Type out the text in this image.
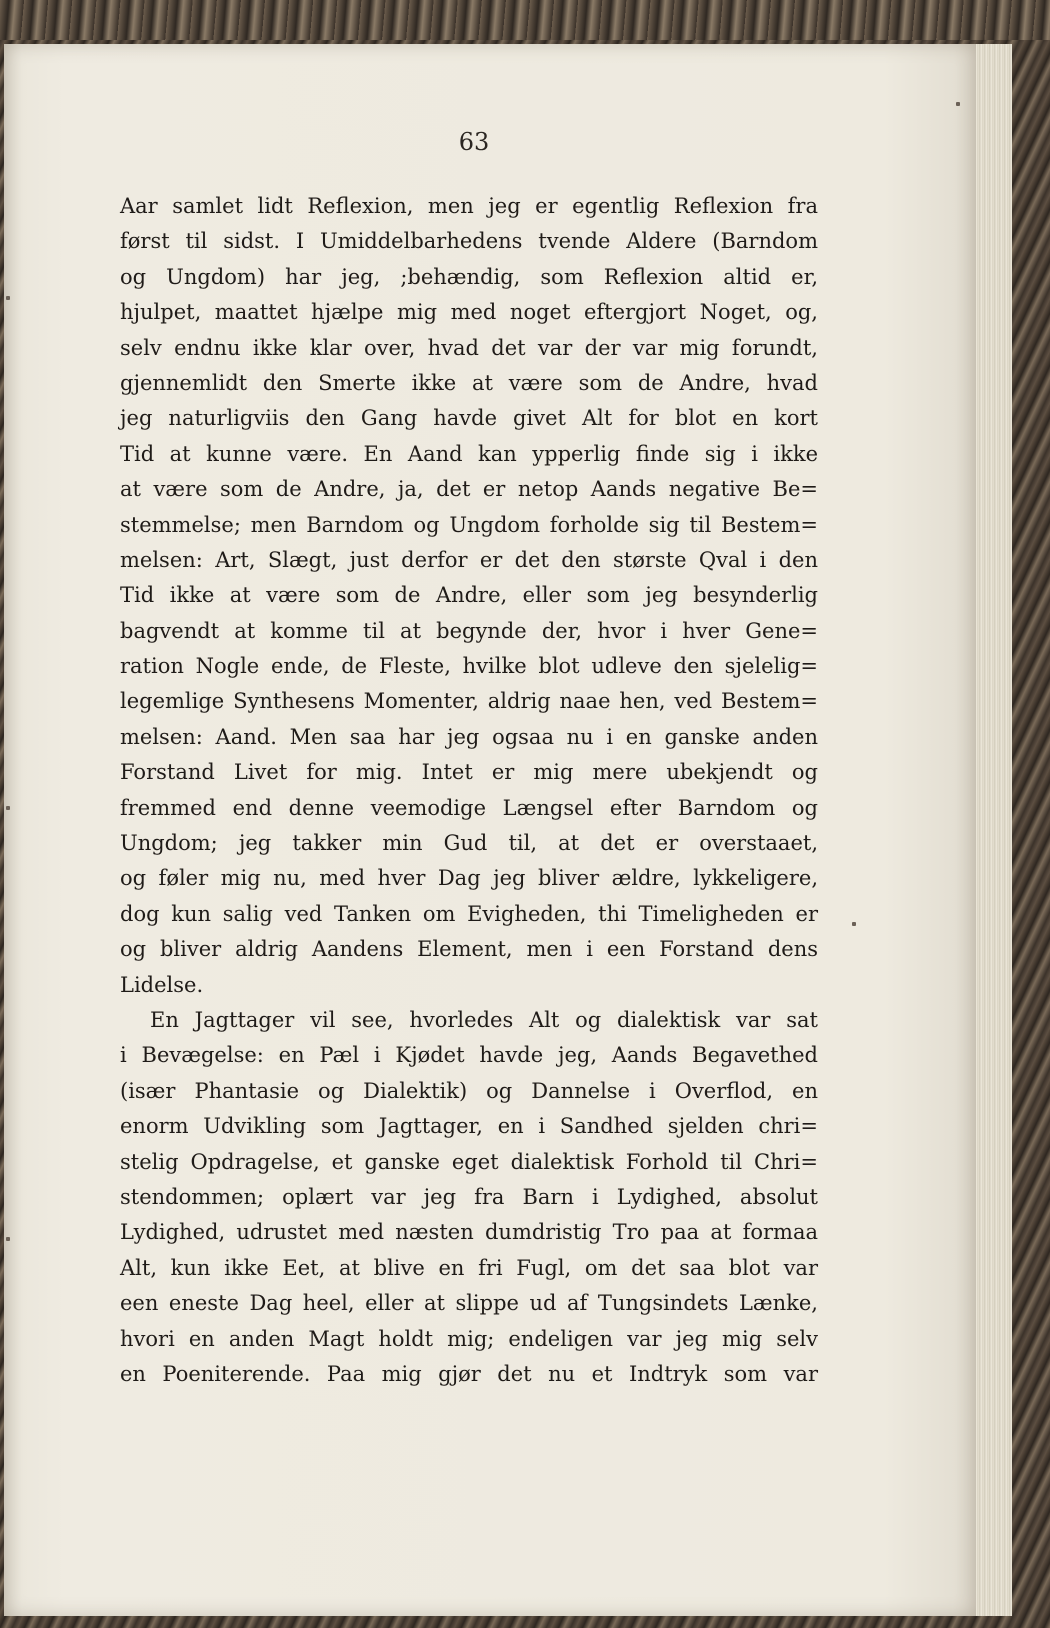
63
Aar samlet lidt Reflexion, men jeg er egentlig Reflexion fra
først til sidst. I Umiddelbarhedens tvende Aldere (Barndom
og Ungdom) har jeg, ;behændig, som Reflexion altid er,
hjulpet, maattet hjælpe mig med noget eftergjort Noget, og,
selv endnu ikke klar over, hvad det var der var mig forundt,
gjennemlidt den Smerte ikke at være som de Andre, hvad
jeg naturligviis den Gang havde givet Alt for blot en kort
Tid at kunne være. En Aand kan ypperlig finde sig i ikke
at være som de Andre, ja, det er netop Aands negative Be=
stemmelse; men Barndom og Ungdom forholde sig til Bestem=
melsen: Art, Slægt, just derfor er det den største Qval i den
Tid ikke at være som de Andre, eller som jeg besynderlig
bagvendt at komme til at begynde der, hvor i hver Gene=
ration Nogle ende, de Fleste, hvilke blot udleve den sjelelig=
legemlige Synthesens Momenter, aldrig naae hen, ved Bestem=
melsen: Aand. Men saa har jeg ogsaa nu i en ganske anden
Forstand Livet for mig. Intet er mig mere ubekjendt og
fremmed end denne veemodige Længsel efter Barndom og
Ungdom; jeg takker min Gud til, at det er overstaaet,
og føler mig nu, med hver Dag jeg bliver ældre, lykkeligere,
dog kun salig ved Tanken om Evigheden, thi Timeligheden er
og bliver aldrig Aandens Element, men i een Forstand dens
Lidelse.
En Jagttager vil see, hvorledes Alt og dialektisk var sat
i Bevægelse: en Pæl i Kjødet havde jeg, Aands Begavethed
(især Phantasie og Dialektik) og Dannelse i Overflod, en
enorm Udvikling som Jagttager, en i Sandhed sjelden chri=
stelig Opdragelse, et ganske eget dialektisk Forhold til Chri=
stendommen; oplært var jeg fra Barn i Lydighed, absolut
Lydighed, udrustet med næsten dumdristig Tro paa at formaa
Alt, kun ikke Eet, at blive en fri Fugl, om det saa blot var
een eneste Dag heel, eller at slippe ud af Tungsindets Lænke,
hvori en anden Magt holdt mig; endeligen var jeg mig selv
en Poeniterende. Paa mig gjør det nu et Indtryk som var
